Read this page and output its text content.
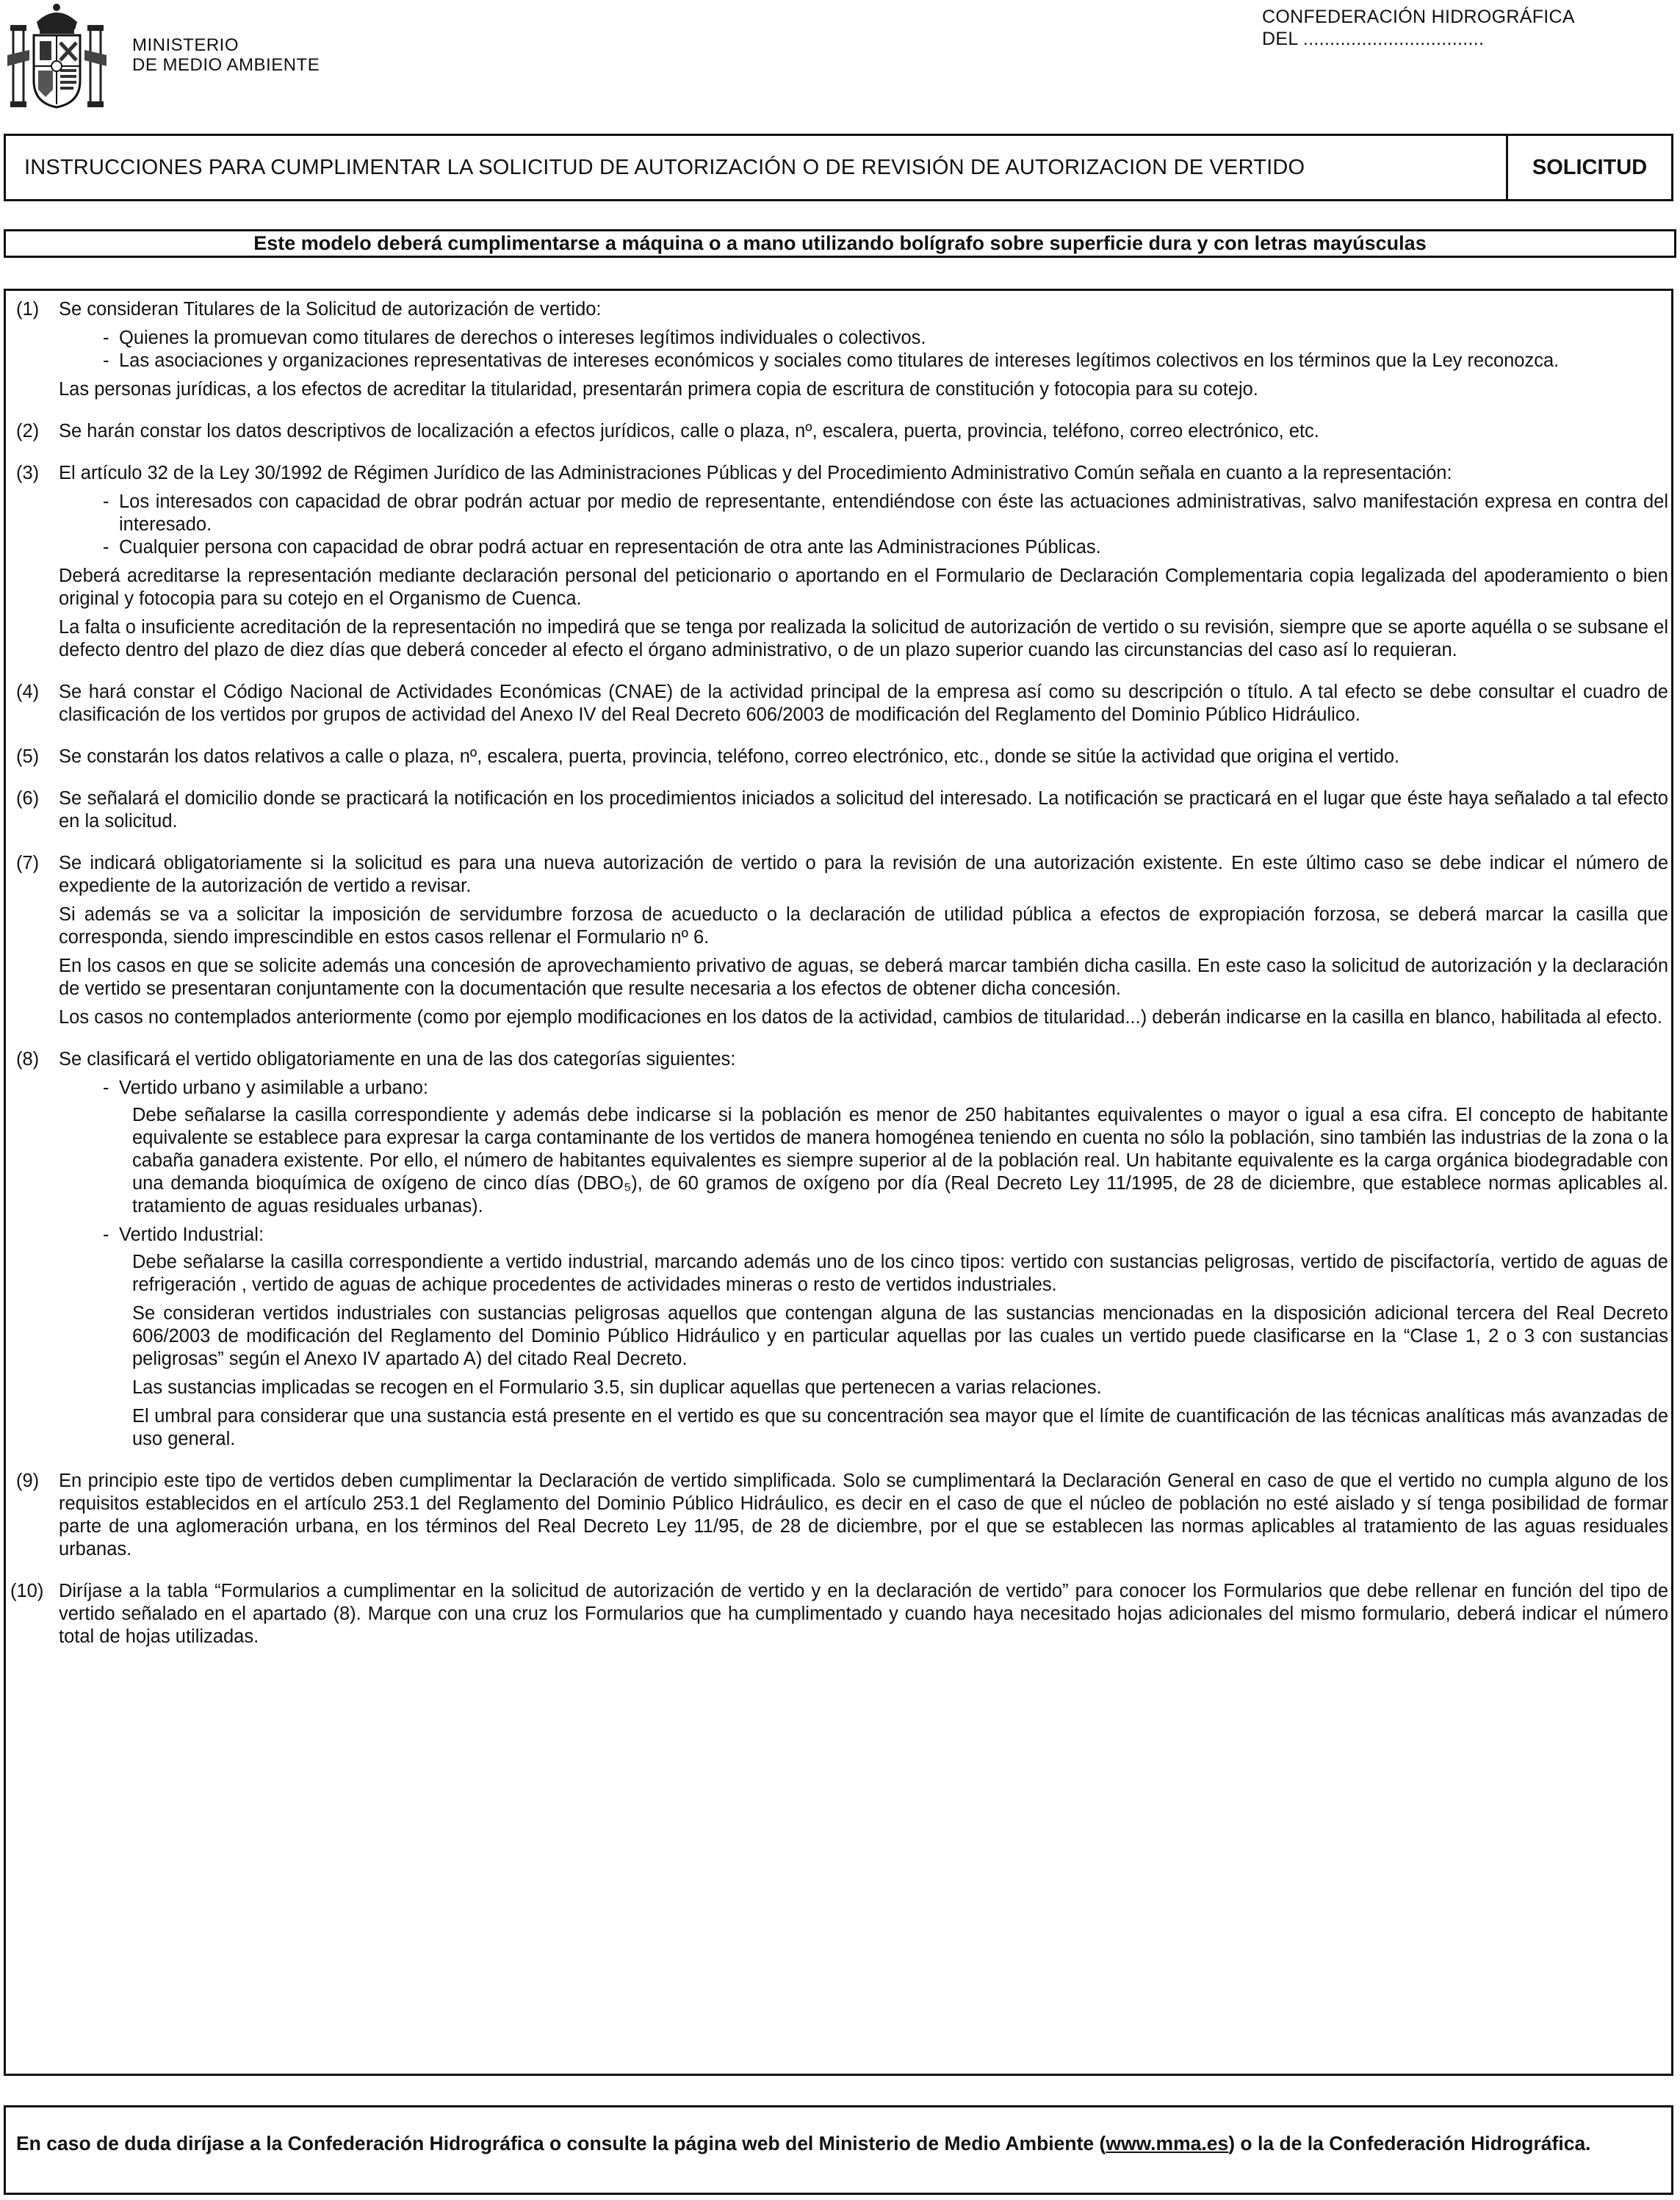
MINISTERIO
DE MEDIO AMBIENTE
CONFEDERACIÓN HIDROGRÁFICA
DEL ..................................
INSTRUCCIONES PARA CUMPLIMENTAR LA SOLICITUD DE AUTORIZACIÓN O DE REVISIÓN DE AUTORIZACION DE VERTIDO	SOLICITUD
Este modelo deberá cumplimentarse a máquina o a mano utilizando bolígrafo sobre superficie dura y con letras mayúsculas
(1) Se consideran Titulares de la Solicitud de autorización de vertido:

- Quienes la promuevan como titulares de derechos o intereses legítimos individuales o colectivos.
- Las asociaciones y organizaciones representativas de intereses económicos y sociales como titulares de intereses legítimos colectivos en los términos que la Ley reconozca.

Las personas jurídicas, a los efectos de acreditar la titularidad, presentarán primera copia de escritura de constitución y fotocopia para su cotejo.

(2) Se harán constar los datos descriptivos de localización a efectos jurídicos, calle o plaza, nº, escalera, puerta, provincia, teléfono, correo electrónico, etc.

(3) El artículo 32 de la Ley 30/1992 de Régimen Jurídico de las Administraciones Públicas y del Procedimiento Administrativo Común señala en cuanto a la representación:

- Los interesados con capacidad de obrar podrán actuar por medio de representante, entendiéndose con éste las actuaciones administrativas, salvo manifestación expresa en contra del interesado.
- Cualquier persona con capacidad de obrar podrá actuar en representación de otra ante las Administraciones Públicas.

Deberá acreditarse la representación mediante declaración personal del peticionario o aportando en el Formulario de Declaración Complementaria copia legalizada del apoderamiento o bien original y fotocopia para su cotejo en el Organismo de Cuenca.

La falta o insuficiente acreditación de la representación no impedirá que se tenga por realizada la solicitud de autorización de vertido o su revisión, siempre que se aporte aquélla o se subsane el defecto dentro del plazo de diez días que deberá conceder al efecto el órgano administrativo, o de un plazo superior cuando las circunstancias del caso así lo requieran.

(4) Se hará constar el Código Nacional de Actividades Económicas (CNAE) de la actividad principal de la empresa así como su descripción o título. A tal efecto se debe consultar el cuadro de clasificación de los vertidos por grupos de actividad del Anexo IV del Real Decreto 606/2003 de modificación del Reglamento del Dominio Público Hidráulico.

(5) Se constarán los datos relativos a calle o plaza, nº, escalera, puerta, provincia, teléfono, correo electrónico, etc., donde se sitúe la actividad que origina el vertido.

(6) Se señalará el domicilio donde se practicará la notificación en los procedimientos iniciados a solicitud del interesado. La notificación se practicará en el lugar que éste haya señalado a tal efecto en la solicitud.

(7) Se indicará obligatoriamente si la solicitud es para una nueva autorización de vertido o para la revisión de una autorización existente. En este último caso se debe indicar el número de expediente de la autorización de vertido a revisar.

Si además se va a solicitar la imposición de servidumbre forzosa de acueducto o la declaración de utilidad pública a efectos de expropiación forzosa, se deberá marcar la casilla que corresponda, siendo imprescindible en estos casos rellenar el Formulario nº 6.

En los casos en que se solicite además una concesión de aprovechamiento privativo de aguas, se deberá marcar también dicha casilla. En este caso la solicitud de autorización y la declaración de vertido se presentaran conjuntamente con la documentación que resulte necesaria a los efectos de obtener dicha concesión.

Los casos no contemplados anteriormente (como por ejemplo modificaciones en los datos de la actividad, cambios de titularidad...) deberán indicarse en la casilla en blanco, habilitada al efecto.

(8) Se clasificará el vertido obligatoriamente en una de las dos categorías siguientes:

- Vertido urbano y asimilable a urbano:

Debe señalarse la casilla correspondiente y además debe indicarse si la población es menor de 250 habitantes equivalentes o mayor o igual a esa cifra. El concepto de habitante equivalente se establece para expresar la carga contaminante de los vertidos de manera homogénea teniendo en cuenta no sólo la población, sino también las industrias de la zona o la cabaña ganadera existente. Por ello, el número de habitantes equivalentes es siempre superior al de la población real. Un habitante equivalente es la carga orgánica biodegradable con una demanda bioquímica de oxígeno de cinco días (DBO₅), de 60 gramos de oxígeno por día (Real Decreto Ley 11/1995, de 28 de diciembre, que establece normas aplicables al. tratamiento de aguas residuales urbanas).

- Vertido Industrial:

Debe señalarse la casilla correspondiente a vertido industrial, marcando además uno de los cinco tipos: vertido con sustancias peligrosas, vertido de piscifactoría, vertido de aguas de refrigeración , vertido de aguas de achique procedentes de actividades mineras o resto de vertidos industriales.

Se consideran vertidos industriales con sustancias peligrosas aquellos que contengan alguna de las sustancias mencionadas en la disposición adicional tercera del Real Decreto 606/2003 de modificación del Reglamento del Dominio Público Hidráulico y en particular aquellas por las cuales un vertido puede clasificarse en la “Clase 1, 2 o 3 con sustancias peligrosas” según el Anexo IV apartado A) del citado Real Decreto.

Las sustancias implicadas se recogen en el Formulario 3.5, sin duplicar aquellas que pertenecen a varias relaciones.

El umbral para considerar que una sustancia está presente en el vertido es que su concentración sea mayor que el límite de cuantificación de las técnicas analíticas más avanzadas de uso general.

(9) En principio este tipo de vertidos deben cumplimentar la Declaración de vertido simplificada. Solo se cumplimentará la Declaración General en caso de que el vertido no cumpla alguno de los requisitos establecidos en el artículo 253.1 del Reglamento del Dominio Público Hidráulico, es decir en el caso de que el núcleo de población no esté aislado y sí tenga posibilidad de formar parte de una aglomeración urbana, en los términos del Real Decreto Ley 11/95, de 28 de diciembre, por el que se establecen las normas aplicables al tratamiento de las aguas residuales urbanas.

(10) Diríjase a la tabla “Formularios a cumplimentar en la solicitud de autorización de vertido y en la declaración de vertido” para conocer los Formularios que debe rellenar en función del tipo de vertido señalado en el apartado (8). Marque con una cruz los Formularios que ha cumplimentado y cuando haya necesitado hojas adicionales del mismo formulario, deberá indicar el número total de hojas utilizadas.

En caso de duda diríjase a la Confederación Hidrográfica o consulte la página web del Ministerio de Medio Ambiente (www.mma.es) o la de la Confederación Hidrográfica.
